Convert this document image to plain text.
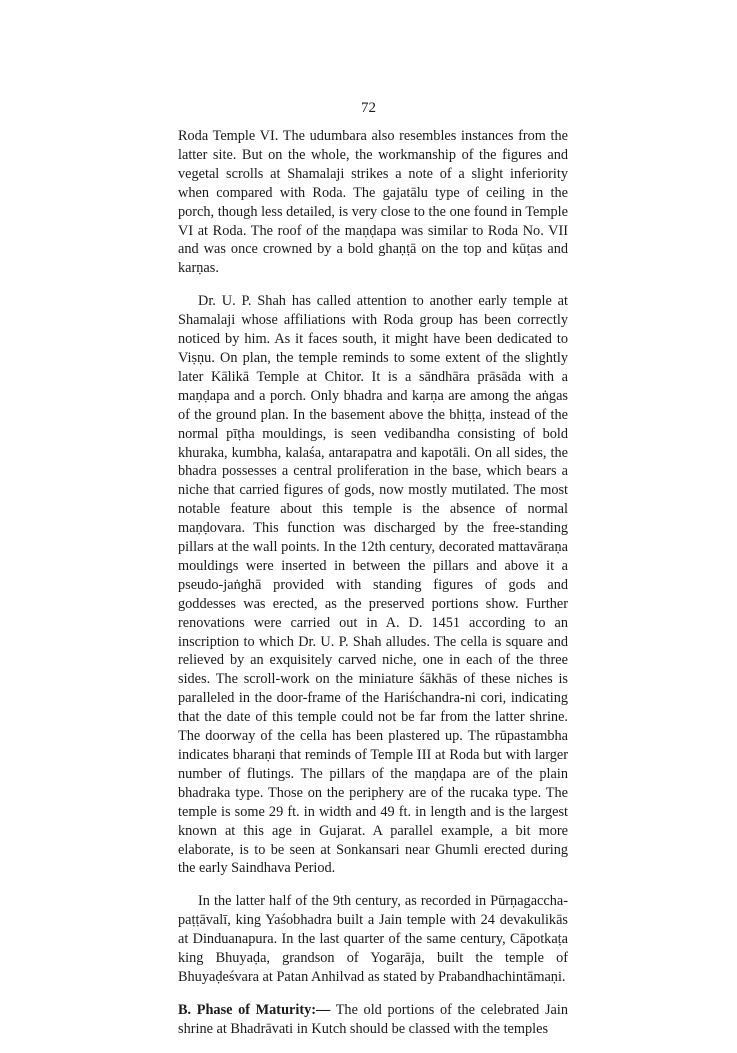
72

Roda Temple VI. The udumbara also resembles instances from the latter site. But on the whole, the workmanship of the figures and vegetal scrolls at Shamalaji strikes a note of a slight inferiority when compared with Roda. The gajatālu type of ceiling in the porch, though less detailed, is very close to the one found in Temple VI at Roda. The roof of the maṇḍapa was similar to Roda No. VII and was once crowned by a bold ghaṇṭā on the top and kūṭas and karṇas.

Dr. U. P. Shah has called attention to another early temple at Shamalaji whose affiliations with Roda group has been correctly noticed by him. As it faces south, it might have been dedicated to Viṣṇu. On plan, the temple reminds to some extent of the slightly later Kālikā Temple at Chitor. It is a sāndhāra prāsāda with a maṇḍapa and a porch. Only bhadra and karṇa are among the aṅgas of the ground plan. In the basement above the bhiṭṭa, instead of the normal pīṭha mouldings, is seen vedibandha consisting of bold khuraka, kumbha, kalaśa, antarapatra and kapotāli. On all sides, the bhadra possesses a central proliferation in the base, which bears a niche that carried figures of gods, now mostly mutilated. The most notable feature about this temple is the absence of normal maṇḍovara. This function was discharged by the free-standing pillars at the wall points. In the 12th century, decorated mattavāraṇa mouldings were inserted in between the pillars and above it a pseudo-jaṅghā provided with standing figures of gods and goddesses was erected, as the preserved portions show. Further renovations were carried out in A. D. 1451 according to an inscription to which Dr. U. P. Shah alludes. The cella is square and relieved by an exquisitely carved niche, one in each of the three sides. The scroll-work on the miniature śākhās of these niches is paralleled in the door-frame of the Hariśchandra-ni cori, indicating that the date of this temple could not be far from the latter shrine. The doorway of the cella has been plastered up. The rūpastambha indicates bharaṇi that reminds of Temple III at Roda but with larger number of flutings. The pillars of the maṇḍapa are of the plain bhadraka type. Those on the periphery are of the rucaka type. The temple is some 29 ft. in width and 49 ft. in length and is the largest known at this age in Gujarat. A parallel example, a bit more elaborate, is to be seen at Sonkansari near Ghumli erected during the early Saindhava Period.

In the latter half of the 9th century, as recorded in Pūrṇagaccha-paṭṭāvalī, king Yaśobhadra built a Jain temple with 24 devakulikās at Dinduanapura. In the last quarter of the same century, Cāpotkaṭa king Bhuyaḍa, grandson of Yogarāja, built the temple of Bhuyaḍeśvara at Patan Anhilvad as stated by Prabandhachintāmaṇi.

B. Phase of Maturity:— The old portions of the celebrated Jain shrine at Bhadrāvati in Kutch should be classed with the temples
